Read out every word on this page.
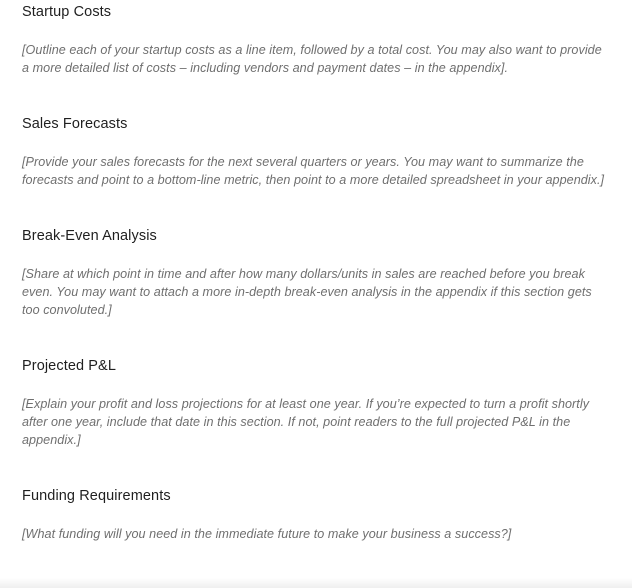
Startup Costs

[Outline each of your startup costs as a line item, followed by a total cost. You may also want to provide a more detailed list of costs – including vendors and payment dates – in the appendix].

Sales Forecasts

[Provide your sales forecasts for the next several quarters or years. You may want to summarize the forecasts and point to a bottom-line metric, then point to a more detailed spreadsheet in your appendix.]

Break-Even Analysis

[Share at which point in time and after how many dollars/units in sales are reached before you break even. You may want to attach a more in-depth break-even analysis in the appendix if this section gets too convoluted.]

Projected P&L

[Explain your profit and loss projections for at least one year. If you’re expected to turn a profit shortly after one year, include that date in this section. If not, point readers to the full projected P&L in the appendix.]

Funding Requirements

[What funding will you need in the immediate future to make your business a success?]
